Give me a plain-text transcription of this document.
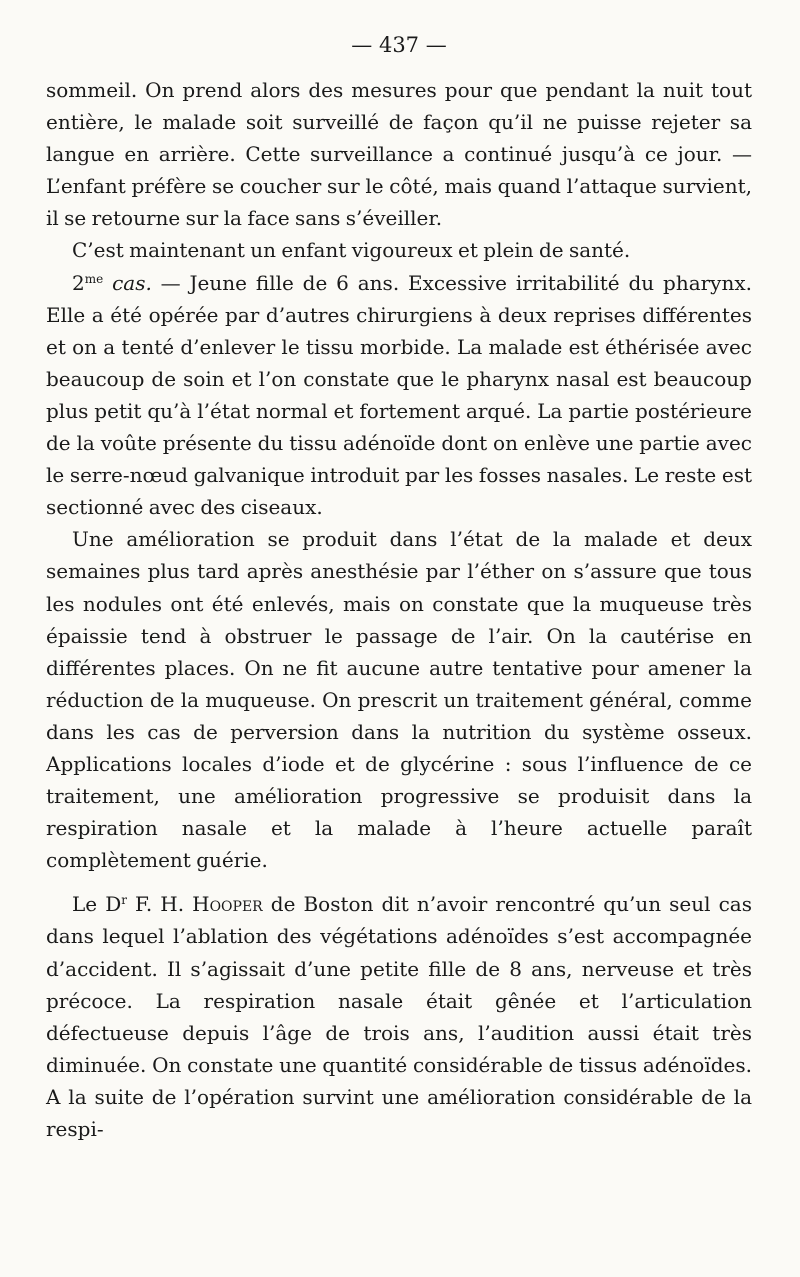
— 437 —

sommeil. On prend alors des mesures pour que pendant la nuit tout entière, le malade soit surveillé de façon qu’il ne puisse rejeter sa langue en arrière. Cette surveillance a continué jusqu’à ce jour. — L’enfant préfère se coucher sur le côté, mais quand l’attaque survient, il se retourne sur la face sans s’éveiller.

C’est maintenant un enfant vigoureux et plein de santé.

$2^{me}$ cas. — Jeune fille de 6 ans. Excessive irritabilité du pharynx. Elle a été opérée par d’autres chirurgiens à deux reprises différentes et on a tenté d’enlever le tissu morbide. La malade est éthérisée avec beaucoup de soin et l’on constate que le pharynx nasal est beaucoup plus petit qu’à l’état normal et fortement arqué. La partie postérieure de la voûte présente du tissu adénoïde dont on enlève une partie avec le serre-nœud galvanique introduit par les fosses nasales. Le reste est sectionné avec des ciseaux.

Une amélioration se produit dans l’état de la malade et deux semaines plus tard après anesthésie par l’éther on s’assure que tous les nodules ont été enlevés, mais on constate que la muqueuse très épaissie tend à obstruer le passage de l’air. On la cautérise en différentes places. On ne fit aucune autre tentative pour amener la réduction de la muqueuse. On prescrit un traitement général, comme dans les cas de perversion dans la nutrition du système osseux. Applications locales d’iode et de glycérine : sous l’influence de ce traitement, une amélioration progressive se produisit dans la respiration nasale et la malade à l’heure actuelle paraît complètement guérie.

Le $D^r$ F. H. Hooper de Boston dit n’avoir rencontré qu’un seul cas dans lequel l’ablation des végétations adénoïdes s’est accompagnée d’accident. Il s’agissait d’une petite fille de 8 ans, nerveuse et très précoce. La respiration nasale était gênée et l’articulation défectueuse depuis l’âge de trois ans, l’audition aussi était très diminuée. On constate une quantité considérable de tissus adénoïdes. A la suite de l’opération survint une amélioration considérable de la respi-
